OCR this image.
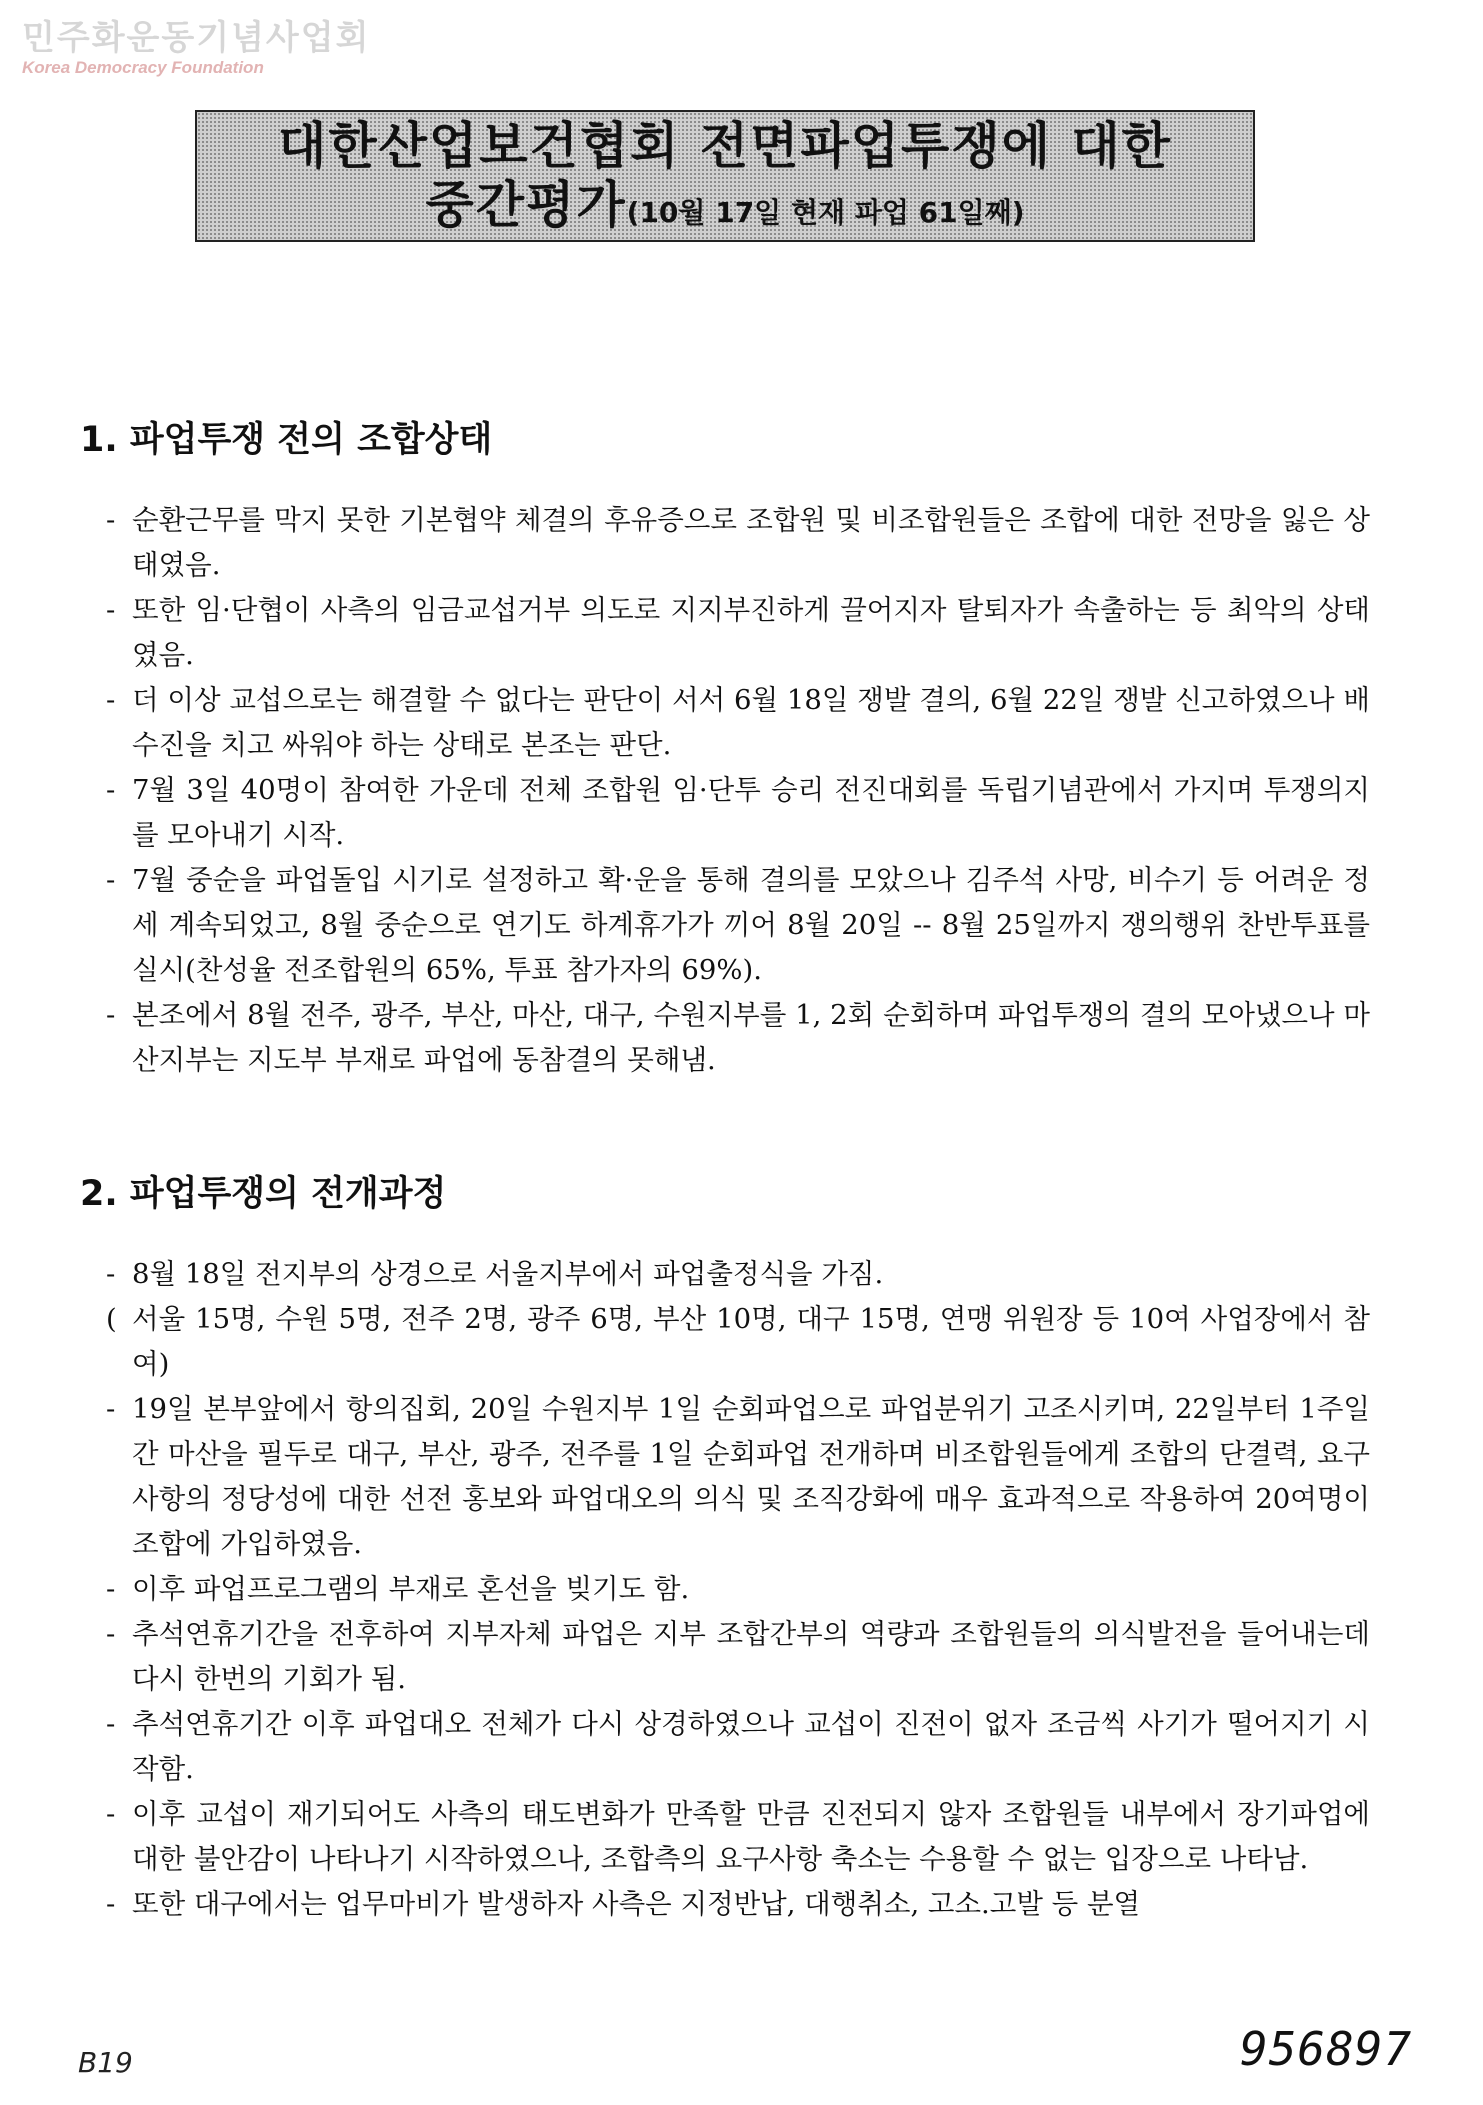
민주화운동기념사업회
Korea Democracy Foundation
대한산업보건협회 전면파업투쟁에 대한
중간평가(10월 17일 현재 파업 61일째)
1. 파업투쟁 전의 조합상태
- 순환근무를 막지 못한 기본협약 체결의 후유증으로 조합원 및 비조합원들은 조합에 대한 전망을 잃은 상태였음.
- 또한 임·단협이 사측의 임금교섭거부 의도로 지지부진하게 끌어지자 탈퇴자가 속출하는 등 최악의 상태였음.
- 더 이상 교섭으로는 해결할 수 없다는 판단이 서서 6월 18일 쟁발 결의, 6월 22일 쟁발 신고하였으나 배수진을 치고 싸워야 하는 상태로 본조는 판단.
- 7월 3일 40명이 참여한 가운데 전체 조합원 임·단투 승리 전진대회를 독립기념관에서 가지며 투쟁의지를 모아내기 시작.
- 7월 중순을 파업돌입 시기로 설정하고 확·운을 통해 결의를 모았으나 김주석 사망, 비수기 등 어려운 정세 계속되었고, 8월 중순으로 연기도 하계휴가가 끼어 8월 20일 -- 8월 25일까지 쟁의행위 찬반투표를 실시(찬성율 전조합원의 65%, 투표 참가자의 69%).
- 본조에서 8월 전주, 광주, 부산, 마산, 대구, 수원지부를 1, 2회 순회하며 파업투쟁의 결의 모아냈으나 마산지부는 지도부 부재로 파업에 동참결의 못해냄.
2. 파업투쟁의 전개과정
- 8월 18일 전지부의 상경으로 서울지부에서 파업출정식을 가짐.
( 서울 15명, 수원 5명, 전주 2명, 광주 6명, 부산 10명, 대구 15명, 연맹 위원장 등 10여 사업장에서 참여)
- 19일 본부앞에서 항의집회, 20일 수원지부 1일 순회파업으로 파업분위기 고조시키며, 22일부터 1주일간 마산을 필두로 대구, 부산, 광주, 전주를 1일 순회파업 전개하며 비조합원들에게 조합의 단결력, 요구사항의 정당성에 대한 선전 홍보와 파업대오의 의식 및 조직강화에 매우 효과적으로 작용하여 20여명이 조합에 가입하였음.
- 이후 파업프로그램의 부재로 혼선을 빚기도 함.
- 추석연휴기간을 전후하여 지부자체 파업은 지부 조합간부의 역량과 조합원들의 의식발전을 들어내는데 다시 한번의 기회가 됨.
- 추석연휴기간 이후 파업대오 전체가 다시 상경하였으나 교섭이 진전이 없자 조금씩 사기가 떨어지기 시작함.
- 이후 교섭이 재기되어도 사측의 태도변화가 만족할 만큼 진전되지 않자 조합원들 내부에서 장기파업에 대한 불안감이 나타나기 시작하였으나, 조합측의 요구사항 축소는 수용할 수 없는 입장으로 나타남.
- 또한 대구에서는 업무마비가 발생하자 사측은 지정반납, 대행취소, 고소.고발 등 분열
B19	956897
